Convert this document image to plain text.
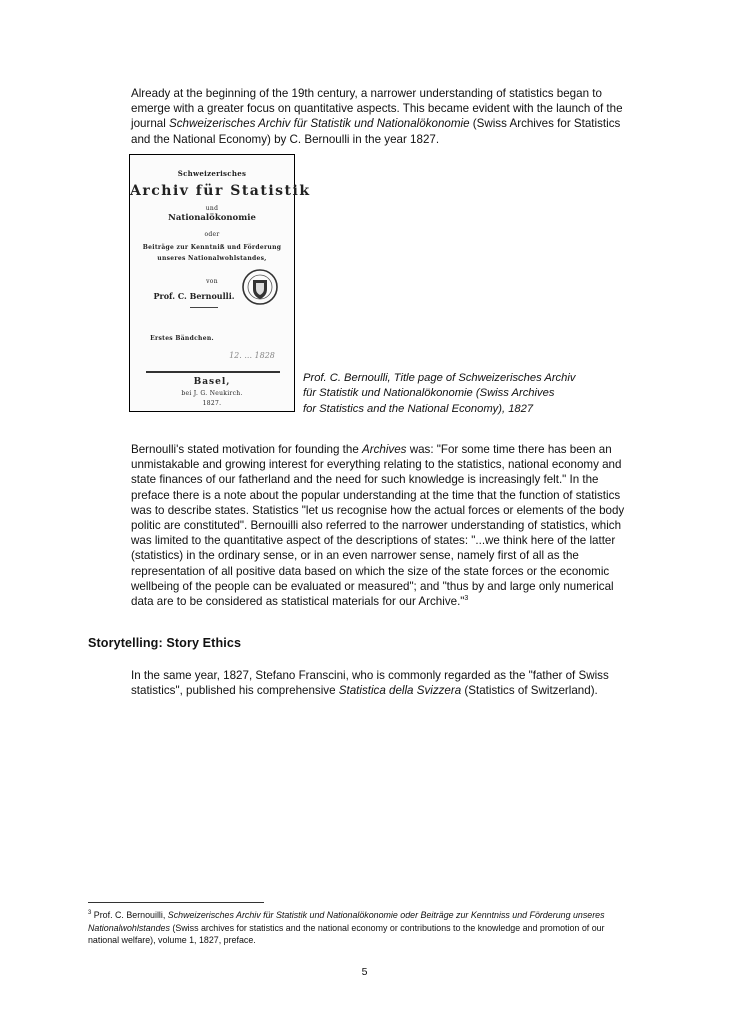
Already at the beginning of the 19th century, a narrower understanding of statistics began to emerge with a greater focus on quantitative aspects. This became evident with the launch of the journal Schweizerisches Archiv für Statistik und Nationalökonomie (Swiss Archives for Statistics and the National Economy) by C. Bernoulli in the year 1827.
Schweizerisches
Archiv für Statistik
und
Nationalökonomie
oder
Beiträge zur Kenntniß und Förderung
unseres Nationalwohlstandes,
von
Prof. C. Bernoulli.
Erstes Bändchen.
12. ... 1828
Basel,
bei J. G. Neukirch.
1827.
Prof. C. Bernoulli, Title page of Schweizerisches Archiv
für Statistik und Nationalökonomie (Swiss Archives
for Statistics and the National Economy), 1827
Bernoulli's stated motivation for founding the Archives was: "For some time there has been an unmistakable and growing interest for everything relating to the statistics, national economy and state finances of our fatherland and the need for such knowledge is increasingly felt." In the preface there is a note about the popular understanding at the time that the function of statistics was to describe states. Statistics "let us recognise how the actual forces or elements of the body politic are constituted". Bernouilli also referred to the narrower understanding of statistics, which was limited to the quantitative aspect of the descriptions of states: "...we think here of the latter (statistics) in the ordinary sense, or in an even narrower sense, namely first of all as the representation of all positive data based on which the size of the state forces or the economic wellbeing of the people can be evaluated or measured"; and "thus by and large only numerical data are to be considered as statistical materials for our Archive."$^3$
Storytelling: Story Ethics
In the same year, 1827, Stefano Franscini, who is commonly regarded as the "father of Swiss statistics", published his comprehensive Statistica della Svizzera (Statistics of Switzerland).
$^3$ Prof. C. Bernouilli, Schweizerisches Archiv für Statistik und Nationalökonomie oder Beiträge zur Kenntniss und Förderung unseres Nationalwohlstandes (Swiss archives for statistics and the national economy or contributions to the knowledge and promotion of our national welfare), volume 1, 1827, preface.
5
